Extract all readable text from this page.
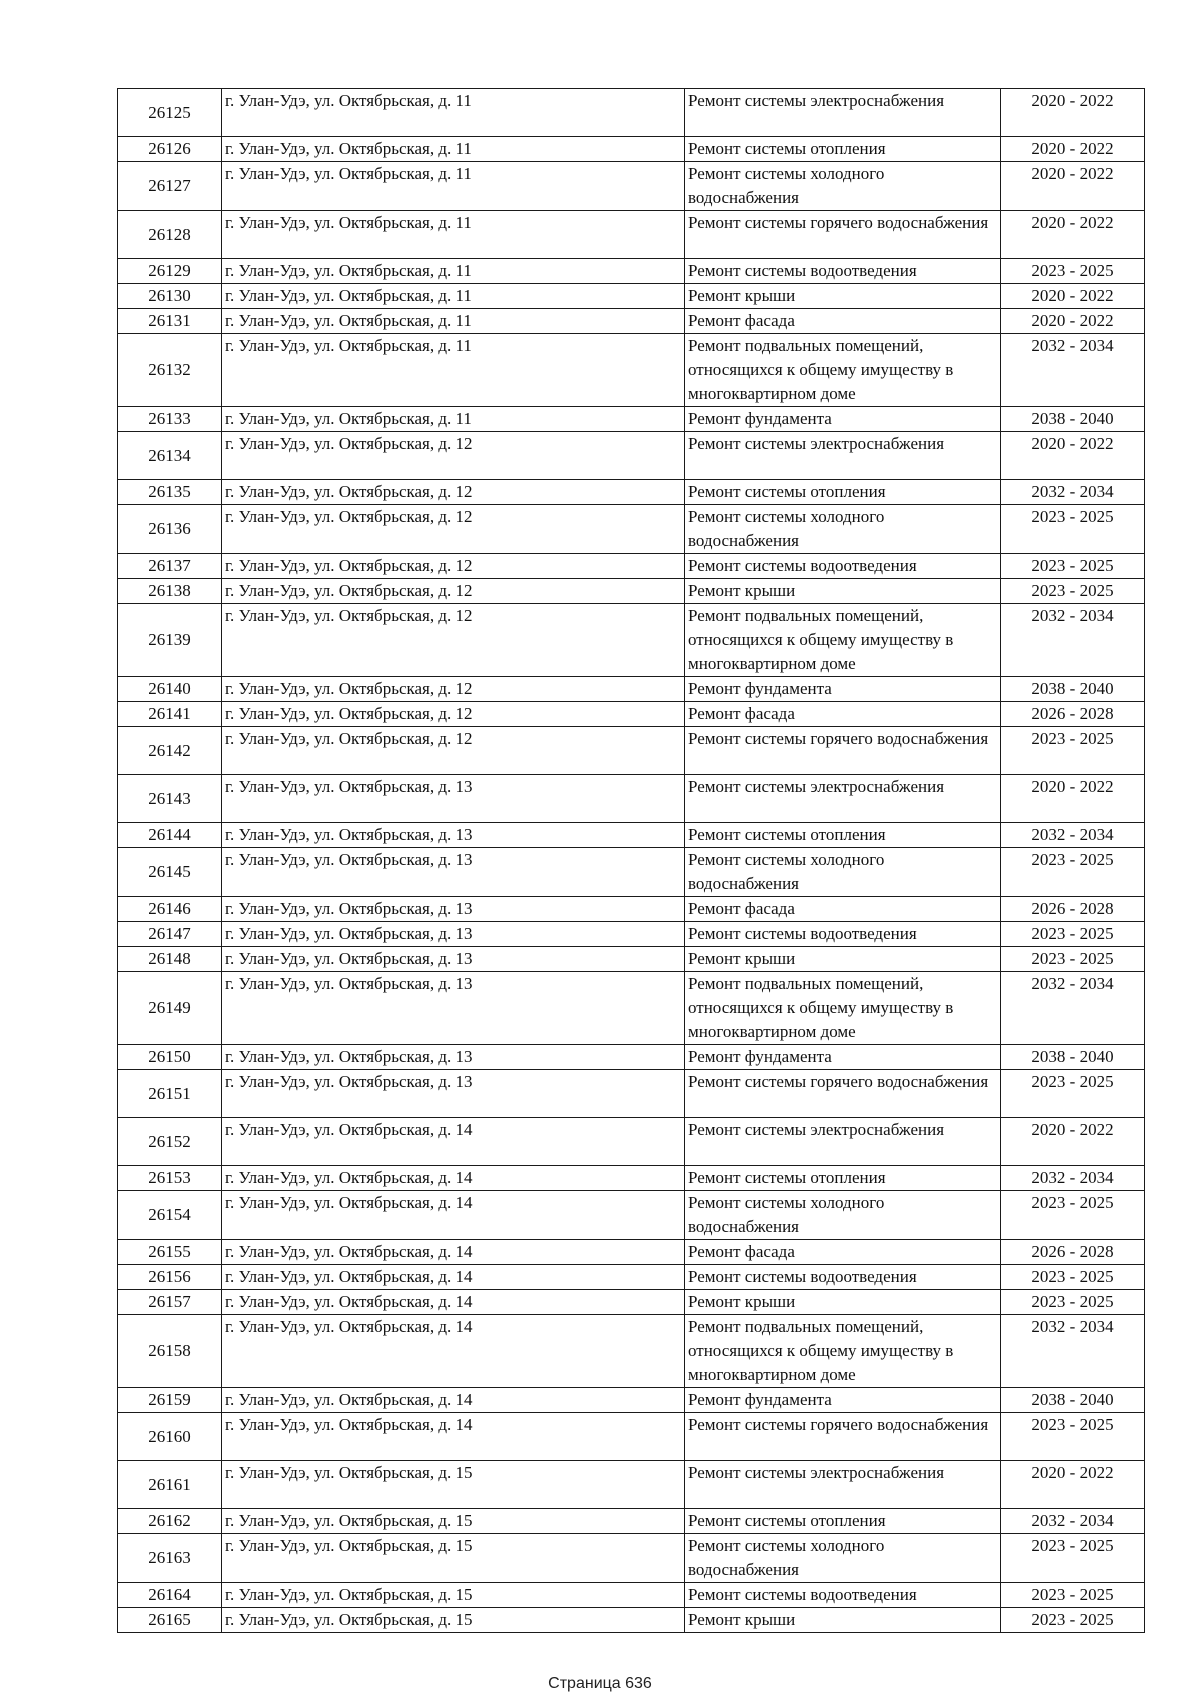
26125	г. Улан-Удэ, ул. Октябрьская, д. 11	Ремонт системы электроснабжения	2020 - 2022
26126	г. Улан-Удэ, ул. Октябрьская, д. 11	Ремонт системы отопления	2020 - 2022
26127	г. Улан-Удэ, ул. Октябрьская, д. 11	Ремонт системы холодного водоснабжения	2020 - 2022
26128	г. Улан-Удэ, ул. Октябрьская, д. 11	Ремонт системы горячего водоснабжения	2020 - 2022
26129	г. Улан-Удэ, ул. Октябрьская, д. 11	Ремонт системы водоотведения	2023 - 2025
26130	г. Улан-Удэ, ул. Октябрьская, д. 11	Ремонт крыши	2020 - 2022
26131	г. Улан-Удэ, ул. Октябрьская, д. 11	Ремонт фасада	2020 - 2022
26132	г. Улан-Удэ, ул. Октябрьская, д. 11	Ремонт подвальных помещений, относящихся к общему имуществу в многоквартирном доме	2032 - 2034
26133	г. Улан-Удэ, ул. Октябрьская, д. 11	Ремонт фундамента	2038 - 2040
26134	г. Улан-Удэ, ул. Октябрьская, д. 12	Ремонт системы электроснабжения	2020 - 2022
26135	г. Улан-Удэ, ул. Октябрьская, д. 12	Ремонт системы отопления	2032 - 2034
26136	г. Улан-Удэ, ул. Октябрьская, д. 12	Ремонт системы холодного водоснабжения	2023 - 2025
26137	г. Улан-Удэ, ул. Октябрьская, д. 12	Ремонт системы водоотведения	2023 - 2025
26138	г. Улан-Удэ, ул. Октябрьская, д. 12	Ремонт крыши	2023 - 2025
26139	г. Улан-Удэ, ул. Октябрьская, д. 12	Ремонт подвальных помещений, относящихся к общему имуществу в многоквартирном доме	2032 - 2034
26140	г. Улан-Удэ, ул. Октябрьская, д. 12	Ремонт фундамента	2038 - 2040
26141	г. Улан-Удэ, ул. Октябрьская, д. 12	Ремонт фасада	2026 - 2028
26142	г. Улан-Удэ, ул. Октябрьская, д. 12	Ремонт системы горячего водоснабжения	2023 - 2025
26143	г. Улан-Удэ, ул. Октябрьская, д. 13	Ремонт системы электроснабжения	2020 - 2022
26144	г. Улан-Удэ, ул. Октябрьская, д. 13	Ремонт системы отопления	2032 - 2034
26145	г. Улан-Удэ, ул. Октябрьская, д. 13	Ремонт системы холодного водоснабжения	2023 - 2025
26146	г. Улан-Удэ, ул. Октябрьская, д. 13	Ремонт фасада	2026 - 2028
26147	г. Улан-Удэ, ул. Октябрьская, д. 13	Ремонт системы водоотведения	2023 - 2025
26148	г. Улан-Удэ, ул. Октябрьская, д. 13	Ремонт крыши	2023 - 2025
26149	г. Улан-Удэ, ул. Октябрьская, д. 13	Ремонт подвальных помещений, относящихся к общему имуществу в многоквартирном доме	2032 - 2034
26150	г. Улан-Удэ, ул. Октябрьская, д. 13	Ремонт фундамента	2038 - 2040
26151	г. Улан-Удэ, ул. Октябрьская, д. 13	Ремонт системы горячего водоснабжения	2023 - 2025
26152	г. Улан-Удэ, ул. Октябрьская, д. 14	Ремонт системы электроснабжения	2020 - 2022
26153	г. Улан-Удэ, ул. Октябрьская, д. 14	Ремонт системы отопления	2032 - 2034
26154	г. Улан-Удэ, ул. Октябрьская, д. 14	Ремонт системы холодного водоснабжения	2023 - 2025
26155	г. Улан-Удэ, ул. Октябрьская, д. 14	Ремонт фасада	2026 - 2028
26156	г. Улан-Удэ, ул. Октябрьская, д. 14	Ремонт системы водоотведения	2023 - 2025
26157	г. Улан-Удэ, ул. Октябрьская, д. 14	Ремонт крыши	2023 - 2025
26158	г. Улан-Удэ, ул. Октябрьская, д. 14	Ремонт подвальных помещений, относящихся к общему имуществу в многоквартирном доме	2032 - 2034
26159	г. Улан-Удэ, ул. Октябрьская, д. 14	Ремонт фундамента	2038 - 2040
26160	г. Улан-Удэ, ул. Октябрьская, д. 14	Ремонт системы горячего водоснабжения	2023 - 2025
26161	г. Улан-Удэ, ул. Октябрьская, д. 15	Ремонт системы электроснабжения	2020 - 2022
26162	г. Улан-Удэ, ул. Октябрьская, д. 15	Ремонт системы отопления	2032 - 2034
26163	г. Улан-Удэ, ул. Октябрьская, д. 15	Ремонт системы холодного водоснабжения	2023 - 2025
26164	г. Улан-Удэ, ул. Октябрьская, д. 15	Ремонт системы водоотведения	2023 - 2025
26165	г. Улан-Удэ, ул. Октябрьская, д. 15	Ремонт крыши	2023 - 2025
Страница 636
